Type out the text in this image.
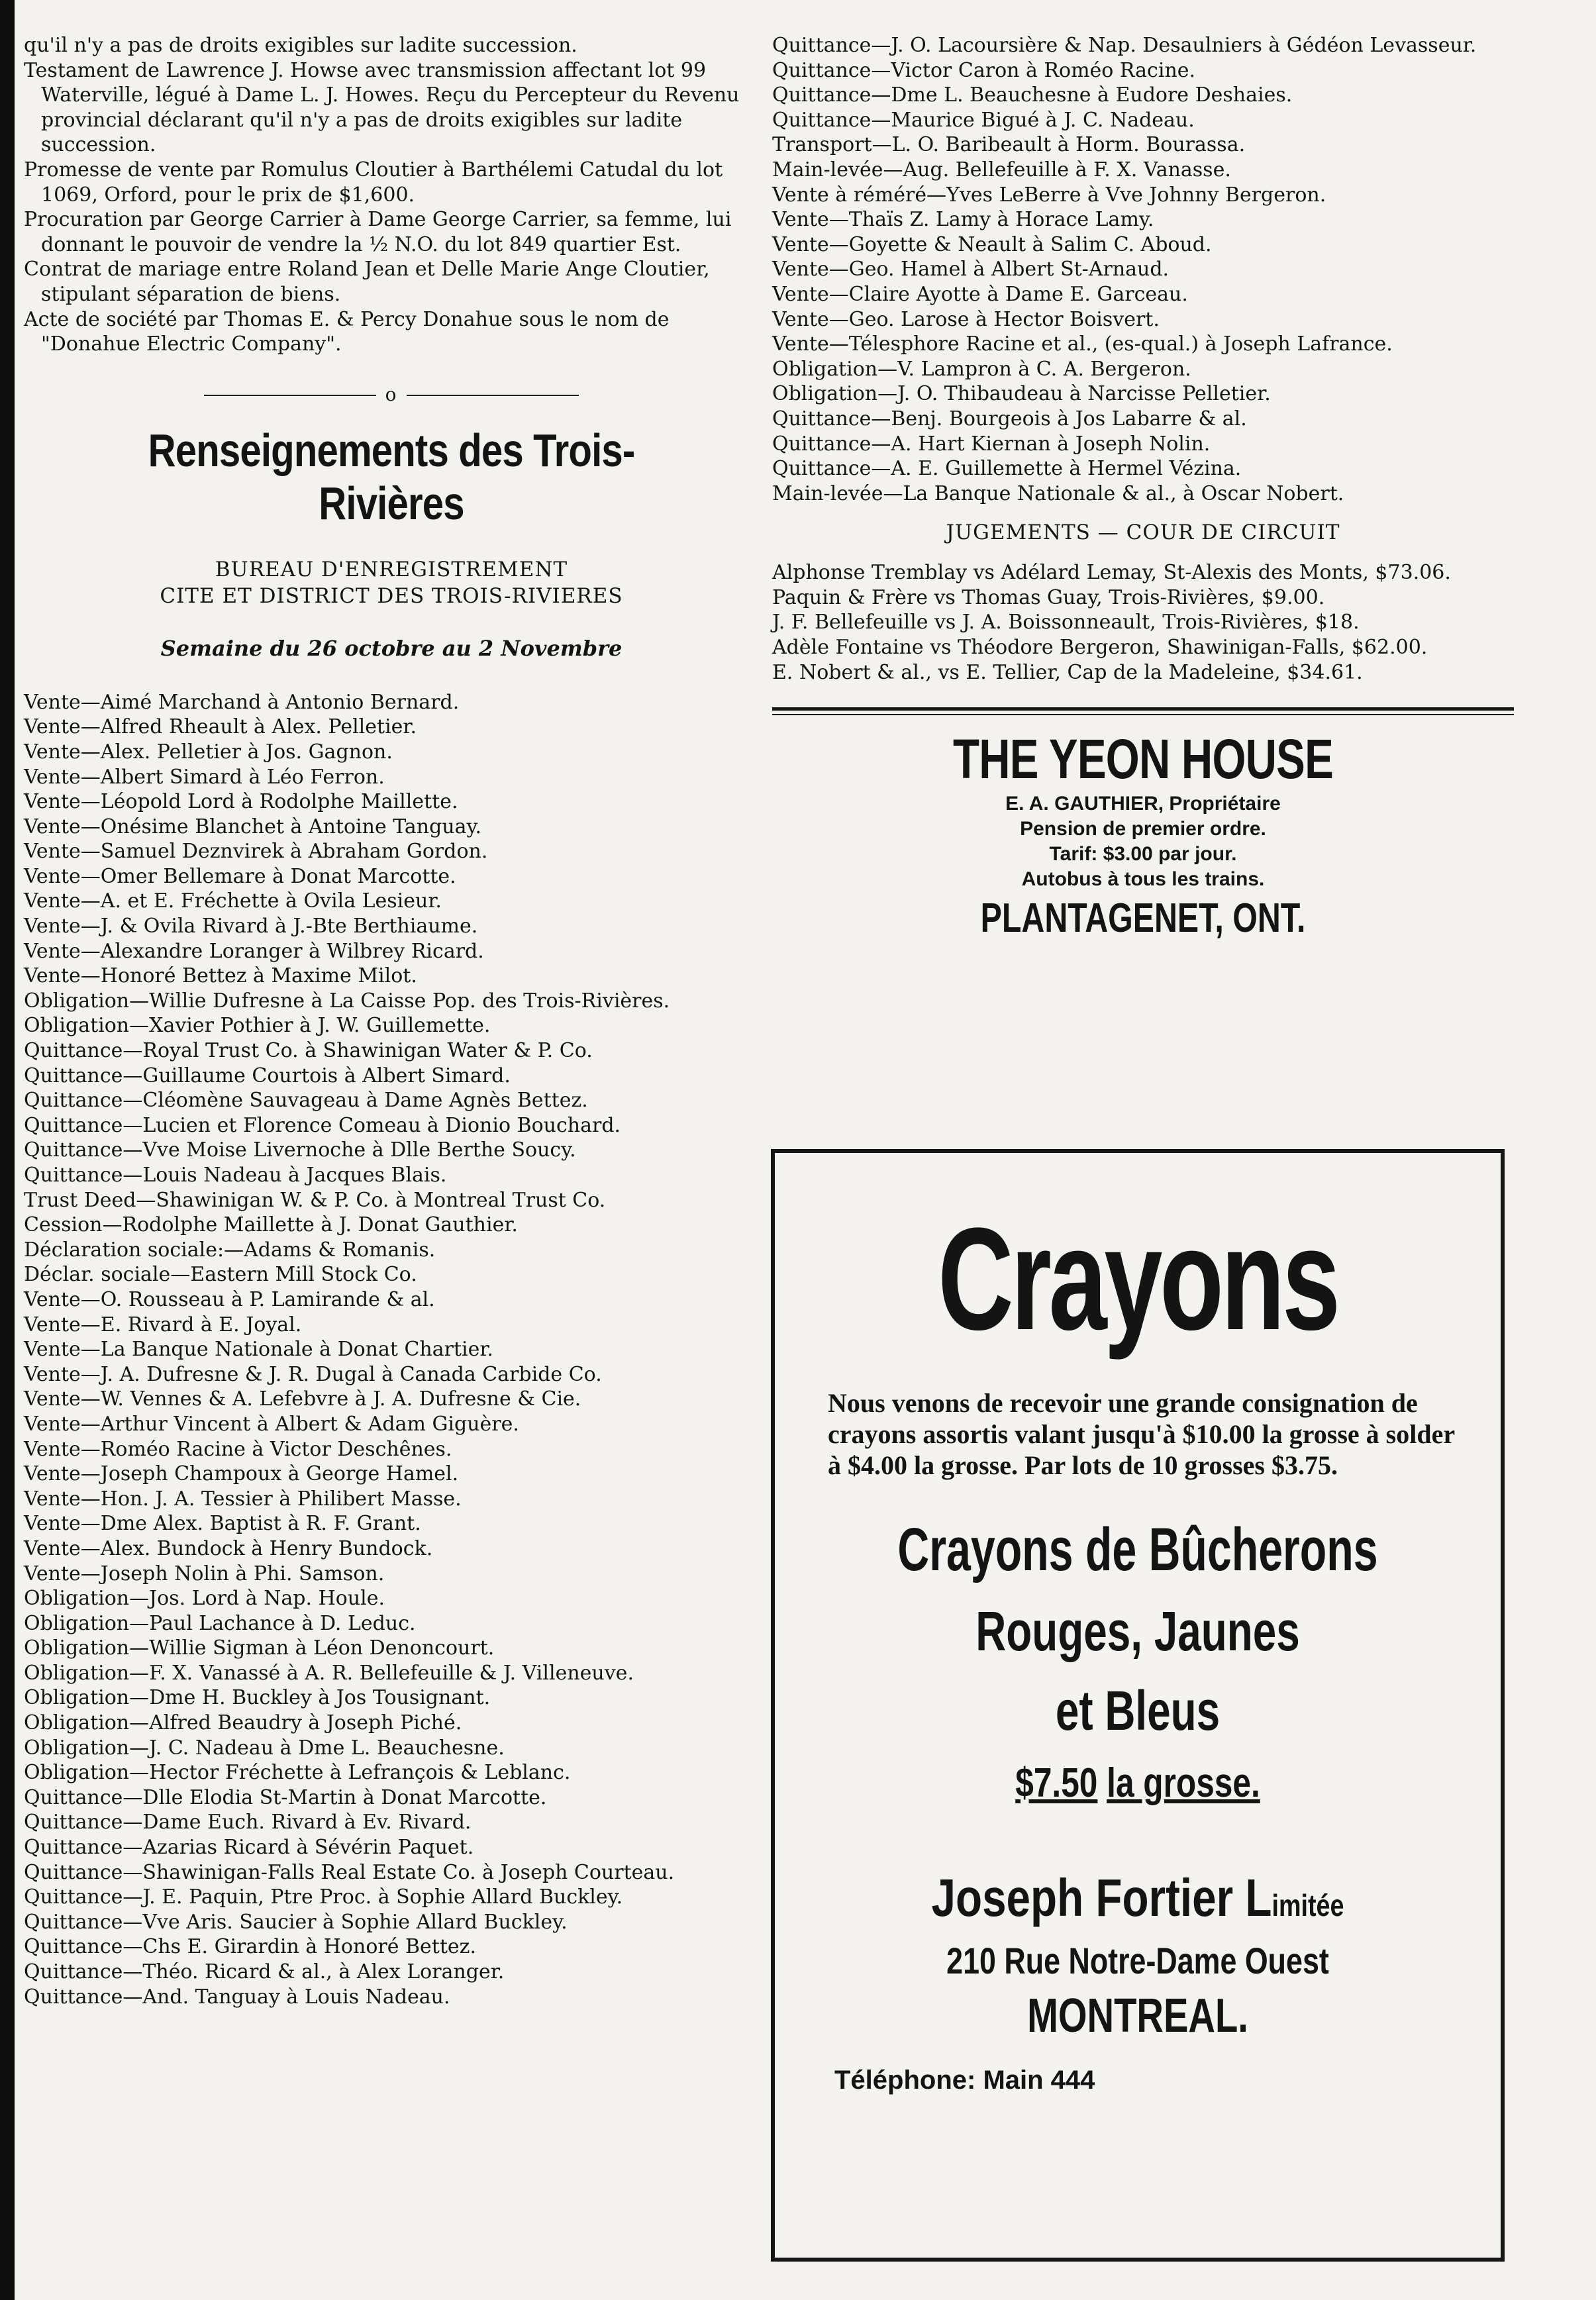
qu'il n'y a pas de droits exigibles sur ladite succession.

Testament de Lawrence J. Howse avec transmission affectant lot 99 Waterville, légué à Dame L. J. Howes. Reçu du Percepteur du Revenu provincial déclarant qu'il n'y a pas de droits exigibles sur ladite succession.

Promesse de vente par Romulus Cloutier à Barthélemi Catudal du lot 1069, Orford, pour le prix de $1,600.

Procuration par George Carrier à Dame George Carrier, sa femme, lui donnant le pouvoir de vendre la ½ N.O. du lot 849 quartier Est.

Contrat de mariage entre Roland Jean et Delle Marie Ange Cloutier, stipulant séparation de biens.

Acte de société par Thomas E. & Percy Donahue sous le nom de "Donahue Electric Company".

o
Renseignements des Trois-Rivières
BUREAU D'ENREGISTREMENT
CITE ET DISTRICT DES TROIS-RIVIERES
Semaine du 26 octobre au 2 Novembre

Vente—Aimé Marchand à Antonio Bernard.

Vente—Alfred Rheault à Alex. Pelletier.

Vente—Alex. Pelletier à Jos. Gagnon.

Vente—Albert Simard à Léo Ferron.

Vente—Léopold Lord à Rodolphe Maillette.

Vente—Onésime Blanchet à Antoine Tanguay.

Vente—Samuel Deznvirek à Abraham Gordon.

Vente—Omer Bellemare à Donat Marcotte.

Vente—A. et E. Fréchette à Ovila Lesieur.

Vente—J. & Ovila Rivard à J.-Bte Berthiaume.

Vente—Alexandre Loranger à Wilbrey Ricard.

Vente—Honoré Bettez à Maxime Milot.

Obligation—Willie Dufresne à La Caisse Pop. des Trois-Rivières.

Obligation—Xavier Pothier à J. W. Guillemette.

Quittance—Royal Trust Co. à Shawinigan Water & P. Co.

Quittance—Guillaume Courtois à Albert Simard.

Quittance—Cléomène Sauvageau à Dame Agnès Bettez.

Quittance—Lucien et Florence Comeau à Dionio Bouchard.

Quittance—Vve Moise Livernoche à Dlle Berthe Soucy.

Quittance—Louis Nadeau à Jacques Blais.

Trust Deed—Shawinigan W. & P. Co. à Montreal Trust Co.

Cession—Rodolphe Maillette à J. Donat Gauthier.

Déclaration sociale:—Adams & Romanis.

Déclar. sociale—Eastern Mill Stock Co.

Vente—O. Rousseau à P. Lamirande & al.

Vente—E. Rivard à E. Joyal.

Vente—La Banque Nationale à Donat Chartier.

Vente—J. A. Dufresne & J. R. Dugal à Canada Carbide Co.

Vente—W. Vennes & A. Lefebvre à J. A. Dufresne & Cie.

Vente—Arthur Vincent à Albert & Adam Giguère.

Vente—Roméo Racine à Victor Deschênes.

Vente—Joseph Champoux à George Hamel.

Vente—Hon. J. A. Tessier à Philibert Masse.

Vente—Dme Alex. Baptist à R. F. Grant.

Vente—Alex. Bundock à Henry Bundock.

Vente—Joseph Nolin à Phi. Samson.

Obligation—Jos. Lord à Nap. Houle.

Obligation—Paul Lachance à D. Leduc.

Obligation—Willie Sigman à Léon Denoncourt.

Obligation—F. X. Vanassé à A. R. Bellefeuille & J. Villeneuve.

Obligation—Dme H. Buckley à Jos Tousignant.

Obligation—Alfred Beaudry à Joseph Piché.

Obligation—J. C. Nadeau à Dme L. Beauchesne.

Obligation—Hector Fréchette à Lefrançois & Leblanc.

Quittance—Dlle Elodia St-Martin à Donat Marcotte.

Quittance—Dame Euch. Rivard à Ev. Rivard.

Quittance—Azarias Ricard à Sévérin Paquet.

Quittance—Shawinigan-Falls Real Estate Co. à Joseph Courteau.

Quittance—J. E. Paquin, Ptre Proc. à Sophie Allard Buckley.

Quittance—Vve Aris. Saucier à Sophie Allard Buckley.

Quittance—Chs E. Girardin à Honoré Bettez.

Quittance—Théo. Ricard & al., à Alex Loranger.

Quittance—And. Tanguay à Louis Nadeau.

Quittance—J. O. Lacoursière & Nap. Desaulniers à Gédéon Levasseur.

Quittance—Victor Caron à Roméo Racine.

Quittance—Dme L. Beauchesne à Eudore Deshaies.

Quittance—Maurice Bigué à J. C. Nadeau.

Transport—L. O. Baribeault à Horm. Bourassa.

Main-levée—Aug. Bellefeuille à F. X. Vanasse.

Vente à réméré—Yves LeBerre à Vve Johnny Bergeron.

Vente—Thaïs Z. Lamy à Horace Lamy.

Vente—Goyette & Neault à Salim C. Aboud.

Vente—Geo. Hamel à Albert St-Arnaud.

Vente—Claire Ayotte à Dame E. Garceau.

Vente—Geo. Larose à Hector Boisvert.

Vente—Télesphore Racine et al., (es-qual.) à Joseph Lafrance.

Obligation—V. Lampron à C. A. Bergeron.

Obligation—J. O. Thibaudeau à Narcisse Pelletier.

Quittance—Benj. Bourgeois à Jos Labarre & al.

Quittance—A. Hart Kiernan à Joseph Nolin.

Quittance—A. E. Guillemette à Hermel Vézina.

Main-levée—La Banque Nationale & al., à Oscar Nobert.

JUGEMENTS — COUR DE CIRCUIT

Alphonse Tremblay vs Adélard Lemay, St-Alexis des Monts, $73.06.

Paquin & Frère vs Thomas Guay, Trois-Rivières, $9.00.

J. F. Bellefeuille vs J. A. Boissonneault, Trois-Rivières, $18.

Adèle Fontaine vs Théodore Bergeron, Shawinigan-Falls, $62.00.

E. Nobert & al., vs E. Tellier, Cap de la Madeleine, $34.61.

THE YEON HOUSE
E. A. GAUTHIER, Propriétaire
Pension de premier ordre.
Tarif: $3.00 par jour.
Autobus à tous les trains.
PLANTAGENET, ONT.
Crayons
Nous venons de recevoir une grande consignation de crayons assortis valant jusqu'à $10.00 la grosse à solder à $4.00 la grosse. Par lots de 10 grosses $3.75.
Crayons de Bûcherons
Rouges, Jaunes
et Bleus
$7.50 la grosse.
Joseph Fortier Limitée
210 Rue Notre-Dame Ouest
MONTREAL.
Téléphone: Main 444
